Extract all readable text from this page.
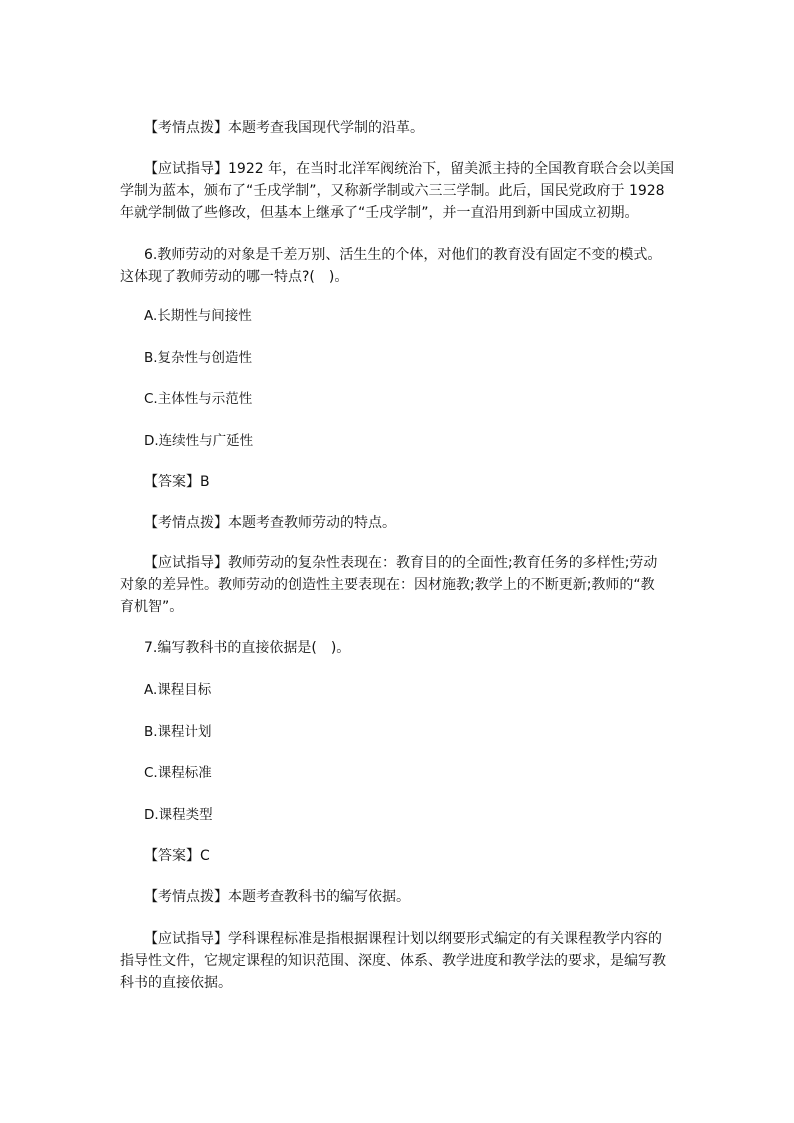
【考情点拨】本题考查我国现代学制的沿革。

【应试指导】1922 年，在当时北洋军阀统治下，留美派主持的全国教育联合会以美国
学制为蓝本，颁布了“壬戌学制”，又称新学制或六三三学制。此后，国民党政府于 1928
年就学制做了些修改，但基本上继承了“壬戌学制”，并一直沿用到新中国成立初期。

6.教师劳动的对象是千差万别、活生生的个体，对他们的教育没有固定不变的模式。
这体现了教师劳动的哪一特点?(　)。

A.长期性与间接性

B.复杂性与创造性

C.主体性与示范性

D.连续性与广延性

【答案】B

【考情点拨】本题考查教师劳动的特点。

【应试指导】教师劳动的复杂性表现在：教育目的的全面性;教育任务的多样性;劳动
对象的差异性。教师劳动的创造性主要表现在：因材施教;教学上的不断更新;教师的“教
育机智”。

7.编写教科书的直接依据是(　)。

A.课程目标

B.课程计划

C.课程标准

D.课程类型

【答案】C

【考情点拨】本题考查教科书的编写依据。

【应试指导】学科课程标准是指根据课程计划以纲要形式编定的有关课程教学内容的
指导性文件，它规定课程的知识范围、深度、体系、教学进度和教学法的要求，是编写教
科书的直接依据。
